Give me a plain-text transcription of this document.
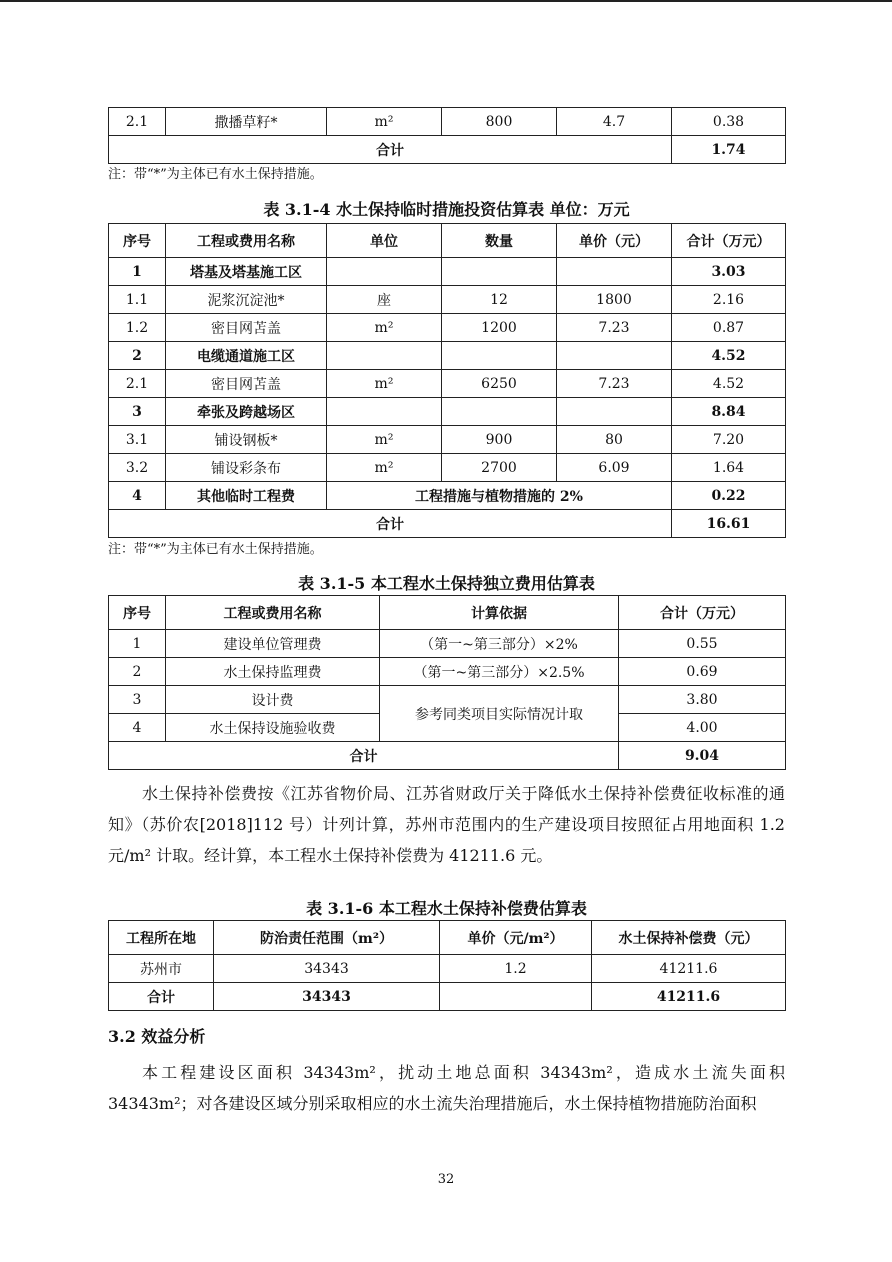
2.1	撒播草籽*	m²	800	4.7	0.38
合计					1.74
注：带“*”为主体已有水土保持措施。
表 3.1-4 水土保持临时措施投资估算表 单位：万元
序号	工程或费用名称	单位	数量	单价（元）	合计（万元）
1	塔基及塔基施工区				3.03
1.1	泥浆沉淀池*	座	12	1800	2.16
1.2	密目网苫盖	m²	1200	7.23	0.87
2	电缆通道施工区				4.52
2.1	密目网苫盖	m²	6250	7.23	4.52
3	牵张及跨越场区				8.84
3.1	铺设钢板*	m²	900	80	7.20
3.2	铺设彩条布	m²	2700	6.09	1.64
4	其他临时工程费	工程措施与植物措施的 2%			0.22
合计					16.61
注：带“*”为主体已有水土保持措施。
表 3.1-5 本工程水土保持独立费用估算表
序号	工程或费用名称	计算依据	合计（万元）
1	建设单位管理费	（第一~第三部分）×2%	0.55
2	水土保持监理费	（第一~第三部分）×2.5%	0.69
3	设计费	参考同类项目实际情况计取	3.80
4	水土保持设施验收费		4.00
合计			9.04
水土保持补偿费按《江苏省物价局、江苏省财政厅关于降低水土保持补偿费征收标准的通知》（苏价农[2018]112 号）计列计算，苏州市范围内的生产建设项目按照征占用地面积 1.2 元/m² 计取。经计算，本工程水土保持补偿费为 41211.6 元。
表 3.1-6 本工程水土保持补偿费估算表
工程所在地	防治责任范围（m²）	单价（元/m²）	水土保持补偿费（元）
苏州市	34343	1.2	41211.6
合计	34343		41211.6
3.2 效益分析
本工程建设区面积 34343m²，扰动土地总面积 34343m²，造成水土流失面积 34343m²；对各建设区域分别采取相应的水土流失治理措施后，水土保持植物措施防治面积
32
